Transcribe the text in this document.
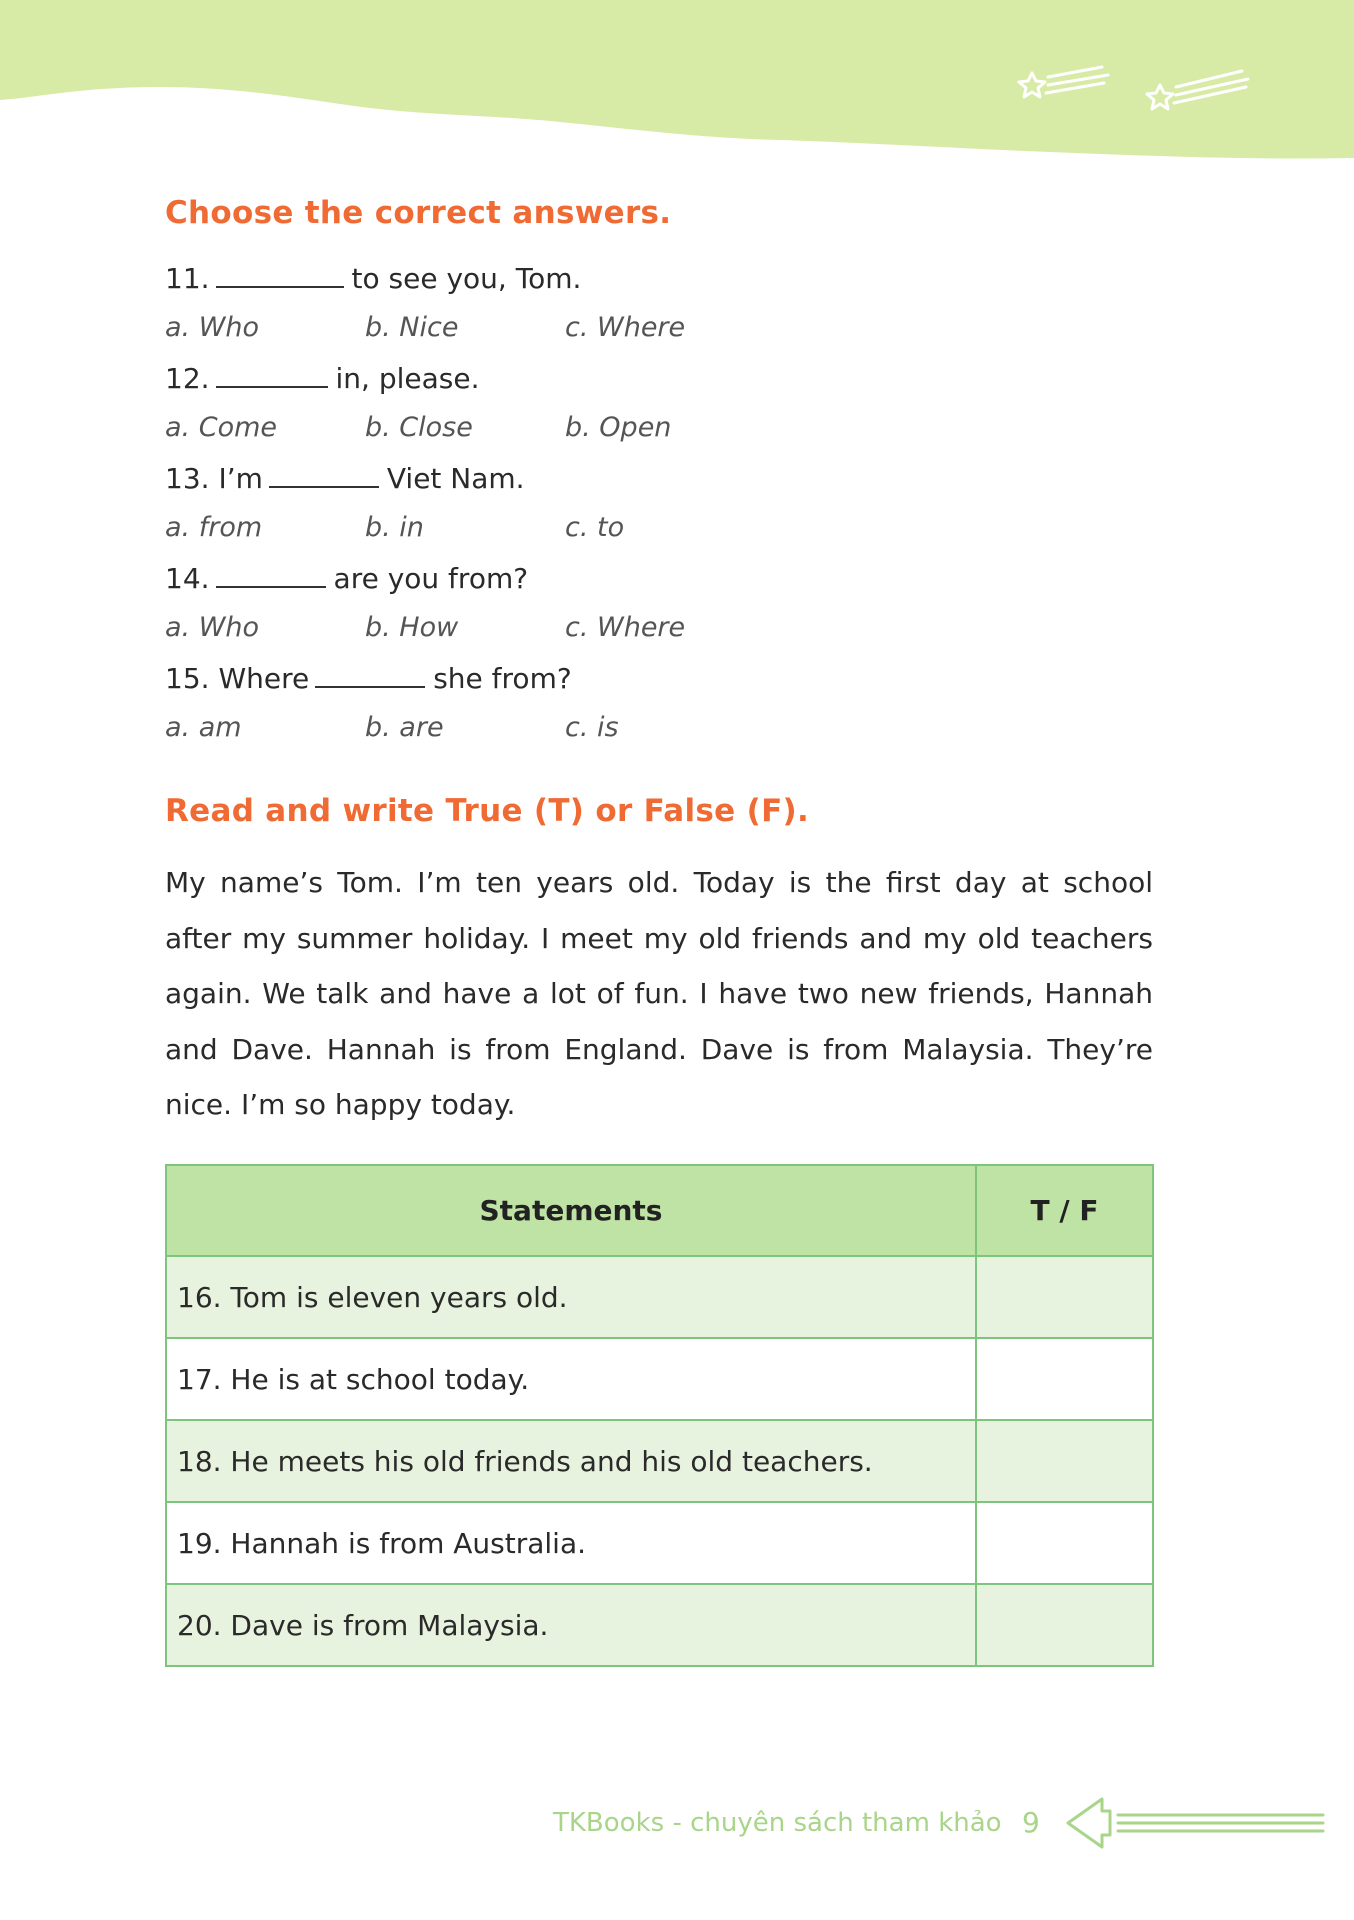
Choose the correct answers.
11.	to see you, Tom.
a. Who	b. Nice	c. Where
12.	in, please.
a. Come	b. Close	b. Open
13. I’m	Viet Nam.
a. from	b. in	c. to
14.	are you from?
a. Who	b. How	c. Where
15. Where	she from?
a. am	b. are	c. is
Read and write True (T) or False (F).
My name’s Tom. I’m ten years old. Today is the first day at school after my summer holiday. I meet my old friends and my old teachers again. We talk and have a lot of fun. I have two new friends, Hannah and Dave. Hannah is from England. Dave is from Malaysia. They’re nice. I’m so happy today.
Statements	T / F
16. Tom is eleven years old.	
17. He is at school today.	
18. He meets his old friends and his old teachers.	
19. Hannah is from Australia.	
20. Dave is from Malaysia.	
TKBooks - chuyên sách tham khảo 9
